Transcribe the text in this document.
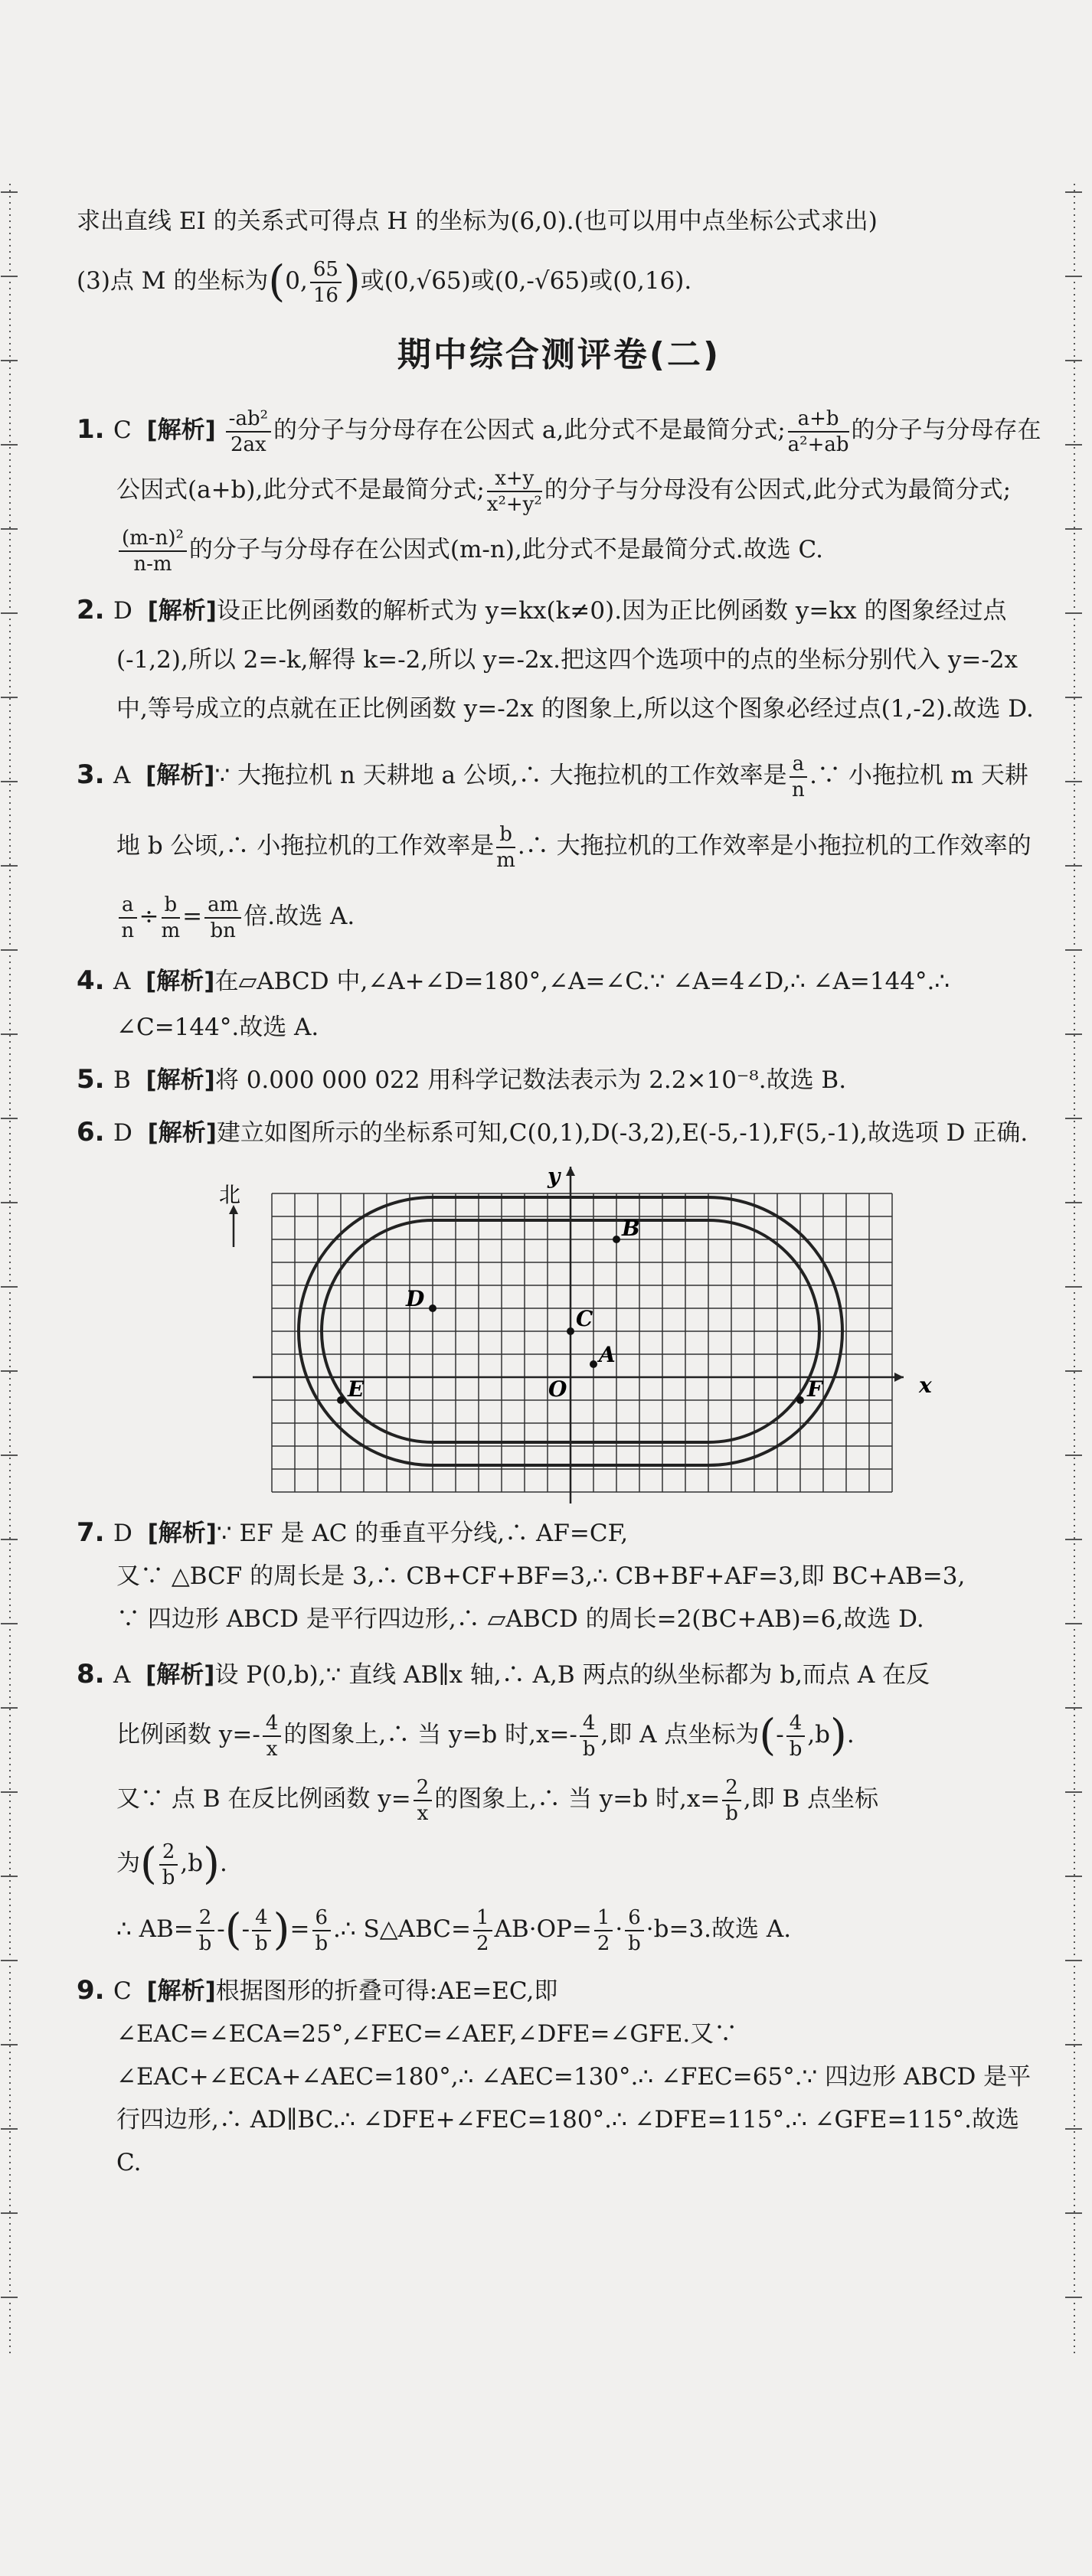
求出直线 EI 的关系式可得点 H 的坐标为(6,0).(也可以用中点坐标公式求出)

(3)点 M 的坐标为(0, $\frac{65}{16}$ )或(0,√65)或(0,-√65)或(0,16).

期中综合测评卷(二)

1. C [解析] $\frac{\text{-ab²}}{2ax}$ 的分子与分母存在公因式 a,此分式不是最简分式; $\frac{a+b}{\text{a²+ab}}$ 的分子与分母存在公因式(a+b),此分式不是最简分式; $\frac{x+y}{\text{x²+y²}}$ 的分子与分母没有公因式,此分式为最简分式;
$\frac{\text{(m-n)²}}{n-m}$ 的分子与分母存在公因式(m-n),此分式不是最简分式.故选 C.

2. D [解析]设正比例函数的解析式为 y=kx(k≠0).因为正比例函数 y=kx 的图象经过点(-1,2),所以 2=-k,解得 k=-2,所以 y=-2x.把这四个选项中的点的坐标分别代入 y=-2x 中,等号成立的点就在正比例函数 y=-2x 的图象上,所以这个图象必经过点(1,-2).故选 D.

3. A [解析]∵ 大拖拉机 n 天耕地 a 公顷,∴ 大拖拉机的工作效率是 $\frac{a}{n}$ .∵ 小拖拉机 m 天耕地 b 公顷,∴ 小拖拉机的工作效率是 $\frac{b}{m}$ .∴ 大拖拉机的工作效率是小拖拉机的工作效率的
$\frac{a}{n} \div \frac{b}{m} = \frac{am}{bn}$ 倍.故选 A.

4. A [解析]在▱ABCD 中,∠A+∠D=180°,∠A=∠C.∵ ∠A=4∠D,∴ ∠A=144°.∴ ∠C=144°.故选 A.

5. B [解析]将 0.000 000 022 用科学记数法表示为 2.2×10⁻⁸.故选 B.

6. D [解析]建立如图所示的坐标系可知,C(0,1),D(-3,2),E(-5,-1),F(5,-1),故选项 D 正确.

北
y
x
C
D
B
A
E	F
O

7. D [解析]∵ EF 是 AC 的垂直平分线,∴ AF=CF,

又∵ △BCF 的周长是 3,∴ CB+CF+BF=3,∴ CB+BF+AF=3,即 BC+AB=3,

∵ 四边形 ABCD 是平行四边形,∴ ▱ABCD 的周长=2(BC+AB)=6,故选 D.

8. A [解析]设 P(0,b),∵ 直线 AB∥x 轴,∴ A,B 两点的纵坐标都为 b,而点 A 在反

比例函数 $y=- \frac{4}{x}$ 的图象上,∴ 当 y=b 时$,x=- \frac{4}{b}$ ,即 A 点坐标为(- $\frac{4}{b} ,b$).

又∵ 点 B 在反比例函数 $y= \frac{2}{x}$ 的图象上,∴ 当 y=b 时$,x= \frac{2}{b}$ ,即 B 点坐标

为( $\frac{2}{b} ,b$).

∴ $AB= \frac{2}{b}$ -(- $\frac{4}{b}$ )= $\frac{6}{b}$ .∴ S△ABC= $\frac{1}{2} AB\cdot OP= \frac{1}{2} \cdot \frac{6}{b} \cdot b=3$.故选 A.

9. C [解析]根据图形的折叠可得:AE=EC,即∠EAC=∠ECA=25°,∠FEC=∠AEF,∠DFE=∠GFE.又∵ ∠EAC+∠ECA+∠AEC=180°,∴ ∠AEC=130°.∴ ∠FEC=65°.∵ 四边形 ABCD 是平行四边形,∴ AD∥BC.∴ ∠DFE+∠FEC=180°.∴ ∠DFE=115°.∴ ∠GFE=115°.故选 C.
